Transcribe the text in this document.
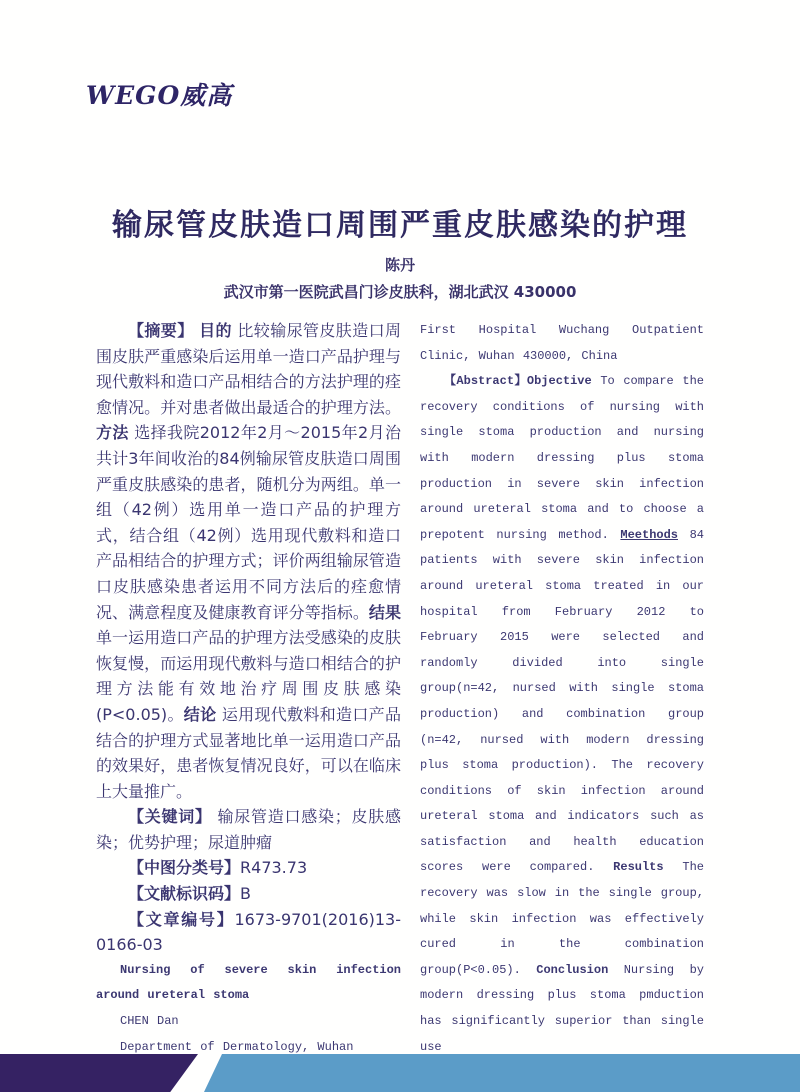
WEGO威高
输尿管皮肤造口周围严重皮肤感染的护理
陈丹
武汉市第一医院武昌门诊皮肤科，湖北武汉 430000

【摘要】 目的 比较输尿管皮肤造口周围皮肤严重感染后运用单一造口产品护理与现代敷料和造口产品相结合的方法护理的痊愈情况。并对患者做出最适合的护理方法。方法 选择我院2012年2月～2015年2月治共计3年间收治的84例输尿管皮肤造口周围严重皮肤感染的患者，随机分为两组。单一组（42例）选用单一造口产品的护理方式，结合组（42例）选用现代敷料和造口产品相结合的护理方式；评价两组输尿管造口皮肤感染患者运用不同方法后的痊愈情况、满意程度及健康教育评分等指标。结果 单一运用造口产品的护理方法受感染的皮肤恢复慢，而运用现代敷料与造口相结合的护理方法能有效地治疗周围皮肤感染(P<0.05)。结论 运用现代敷料和造口产品结合的护理方式显著地比单一运用造口产品的效果好，患者恢复情况良好，可以在临床上大量推广。

【关键词】 输尿管造口感染；皮肤感染；优势护理；尿道肿瘤

【中图分类号】R473.73

【文献标识码】B

【文章编号】1673-9701(2016)13-0166-03

Nursing of severe skin infection around ureteral stoma

CHEN Dan

Department of Dermatology, Wuhan

First Hospital Wuchang Outpatient Clinic, Wuhan 430000, China

【Abstract】Objective To compare the recovery conditions of nursing with single stoma production and nursing with modern dressing plus stoma production in severe skin infection around ureteral stoma and to choose a prepotent nursing method. Meethods 84 patients with severe skin infection around ureteral stoma treated in our hospital from February 2012 to February 2015 were selected and randomly divided into single group(n=42, nursed with single stoma production) and combination group (n=42, nursed with modern dressing plus stoma production). The recovery conditions of skin infection around ureteral stoma and indicators such as satisfaction and health education scores were compared. Results The recovery was slow in the single group, while skin infection was effectively cured in the combination group(P<0.05). Conclusion Nursing by modern dressing plus stoma pmduction has significantly superior than single use
